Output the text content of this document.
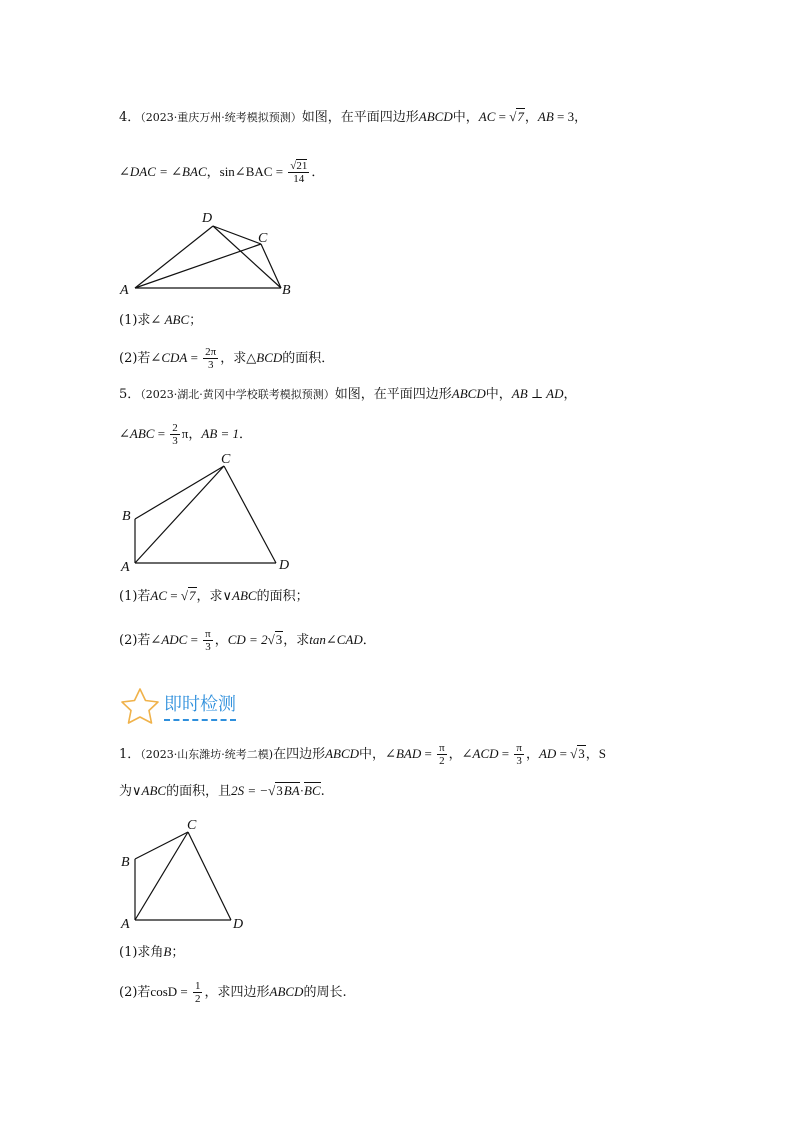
4．（2023·重庆万州·统考模拟预测）如图，在平面四边形ABCD中，AC = √7，AB = 3，
∠DAC = ∠BAC，sin∠BAC = $\frac{√21}{14}$ ．
A	B
C
D
A
B
C
D
A
B
C
D
(1)求∠ ABC；
(2)若∠CDA = $\frac{2\pi}{3}$ ，求△BCD的面积．
5．（2023·湖北·黄冈中学校联考模拟预测）如图，在平面四边形ABCD中，AB ⊥ AD，
∠ABC = $\frac{2}{3}$ π，AB = 1．
(1)若AC = √7，求∨ABC的面积；
(2)若∠ADC = $\frac{\pi}{3}$ ，CD = 2√3，求tan∠CAD．
即时检测
1．（2023·山东潍坊·统考二模)在四边形ABCD中，∠BAD = $\frac{\pi}{2}$ ，∠ACD = $\frac{\pi}{3}$ ，AD = √3，S
为∨ABC的面积，且2S = −√3BA·BC.
(1)求角B；
(2)若$\cos D = \frac{1}{2}$ ，求四边形ABCD的周长.
